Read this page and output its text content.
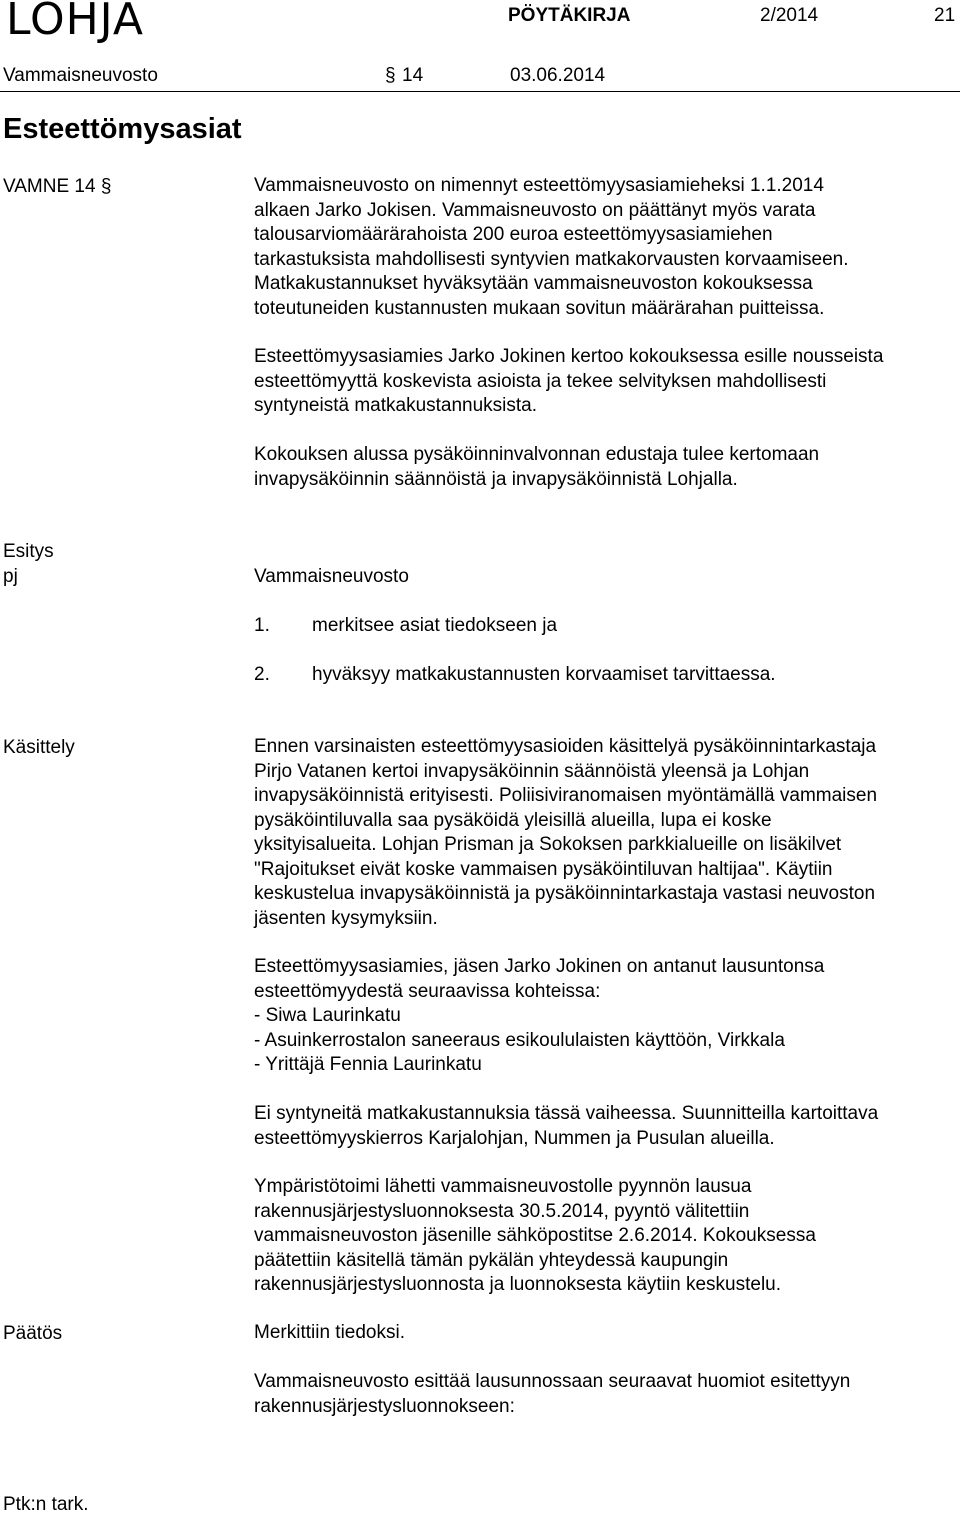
LOHJA	PÖYTÄKIRJA	2/2014	21
Vammaisneuvosto	§ 14	03.06.2014
Esteettömysasiat
VAMNE 14 §	Vammaisneuvosto on nimennyt esteettömyysasiamieheksi 1.1.2014
alkaen Jarko Jokisen. Vammaisneuvosto on päättänyt myös varata
talousarviomäärärahoista 200 euroa esteettömyysasiamiehen
tarkastuksista mahdollisesti syntyvien matkakorvausten korvaamiseen.
Matkakustannukset hyväksytään vammaisneuvoston kokouksessa
toteutuneiden kustannusten mukaan sovitun määrärahan puitteissa.
Esteettömyysasiamies Jarko Jokinen kertoo kokouksessa esille nousseista
esteettömyyttä koskevista asioista ja tekee selvityksen mahdollisesti
syntyneistä matkakustannuksista.
Kokouksen alussa pysäköinninvalvonnan edustaja tulee kertomaan
invapysäköinnin säännöistä ja invapysäköinnistä Lohjalla.
Esitys
pj	Vammaisneuvosto
1. merkitsee asiat tiedokseen ja
2. hyväksyy matkakustannusten korvaamiset tarvittaessa.
Käsittely	Ennen varsinaisten esteettömyysasioiden käsittelyä pysäköinnintarkastaja
Pirjo Vatanen kertoi invapysäköinnin säännöistä yleensä ja Lohjan
invapysäköinnistä erityisesti. Poliisiviranomaisen myöntämällä vammaisen
pysäköintiluvalla saa pysäköidä yleisillä alueilla, lupa ei koske
yksityisalueita. Lohjan Prisman ja Sokoksen parkkialueille on lisäkilvet
"Rajoitukset eivät koske vammaisen pysäköintiluvan haltijaa". Käytiin
keskustelua invapysäköinnistä ja pysäköinnintarkastaja vastasi neuvoston
jäsenten kysymyksiin.
Esteettömyysasiamies, jäsen Jarko Jokinen on antanut lausuntonsa
esteettömyydestä seuraavissa kohteissa:
- Siwa Laurinkatu
- Asuinkerrostalon saneeraus esikoululaisten käyttöön, Virkkala
- Yrittäjä Fennia Laurinkatu
Ei syntyneitä matkakustannuksia tässä vaiheessa. Suunnitteilla kartoittava
esteettömyyskierros Karjalohjan, Nummen ja Pusulan alueilla.
Ympäristötoimi lähetti vammaisneuvostolle pyynnön lausua
rakennusjärjestysluonnoksesta 30.5.2014, pyyntö välitettiin
vammaisneuvoston jäsenille sähköpostitse 2.6.2014. Kokouksessa
päätettiin käsitellä tämän pykälän yhteydessä kaupungin
rakennusjärjestysluonnosta ja luonnoksesta käytiin keskustelu.
Päätös	Merkittiin tiedoksi.
Vammaisneuvosto esittää lausunnossaan seuraavat huomiot esitettyyn
rakennusjärjestysluonnokseen:
Ptk:n tark.
